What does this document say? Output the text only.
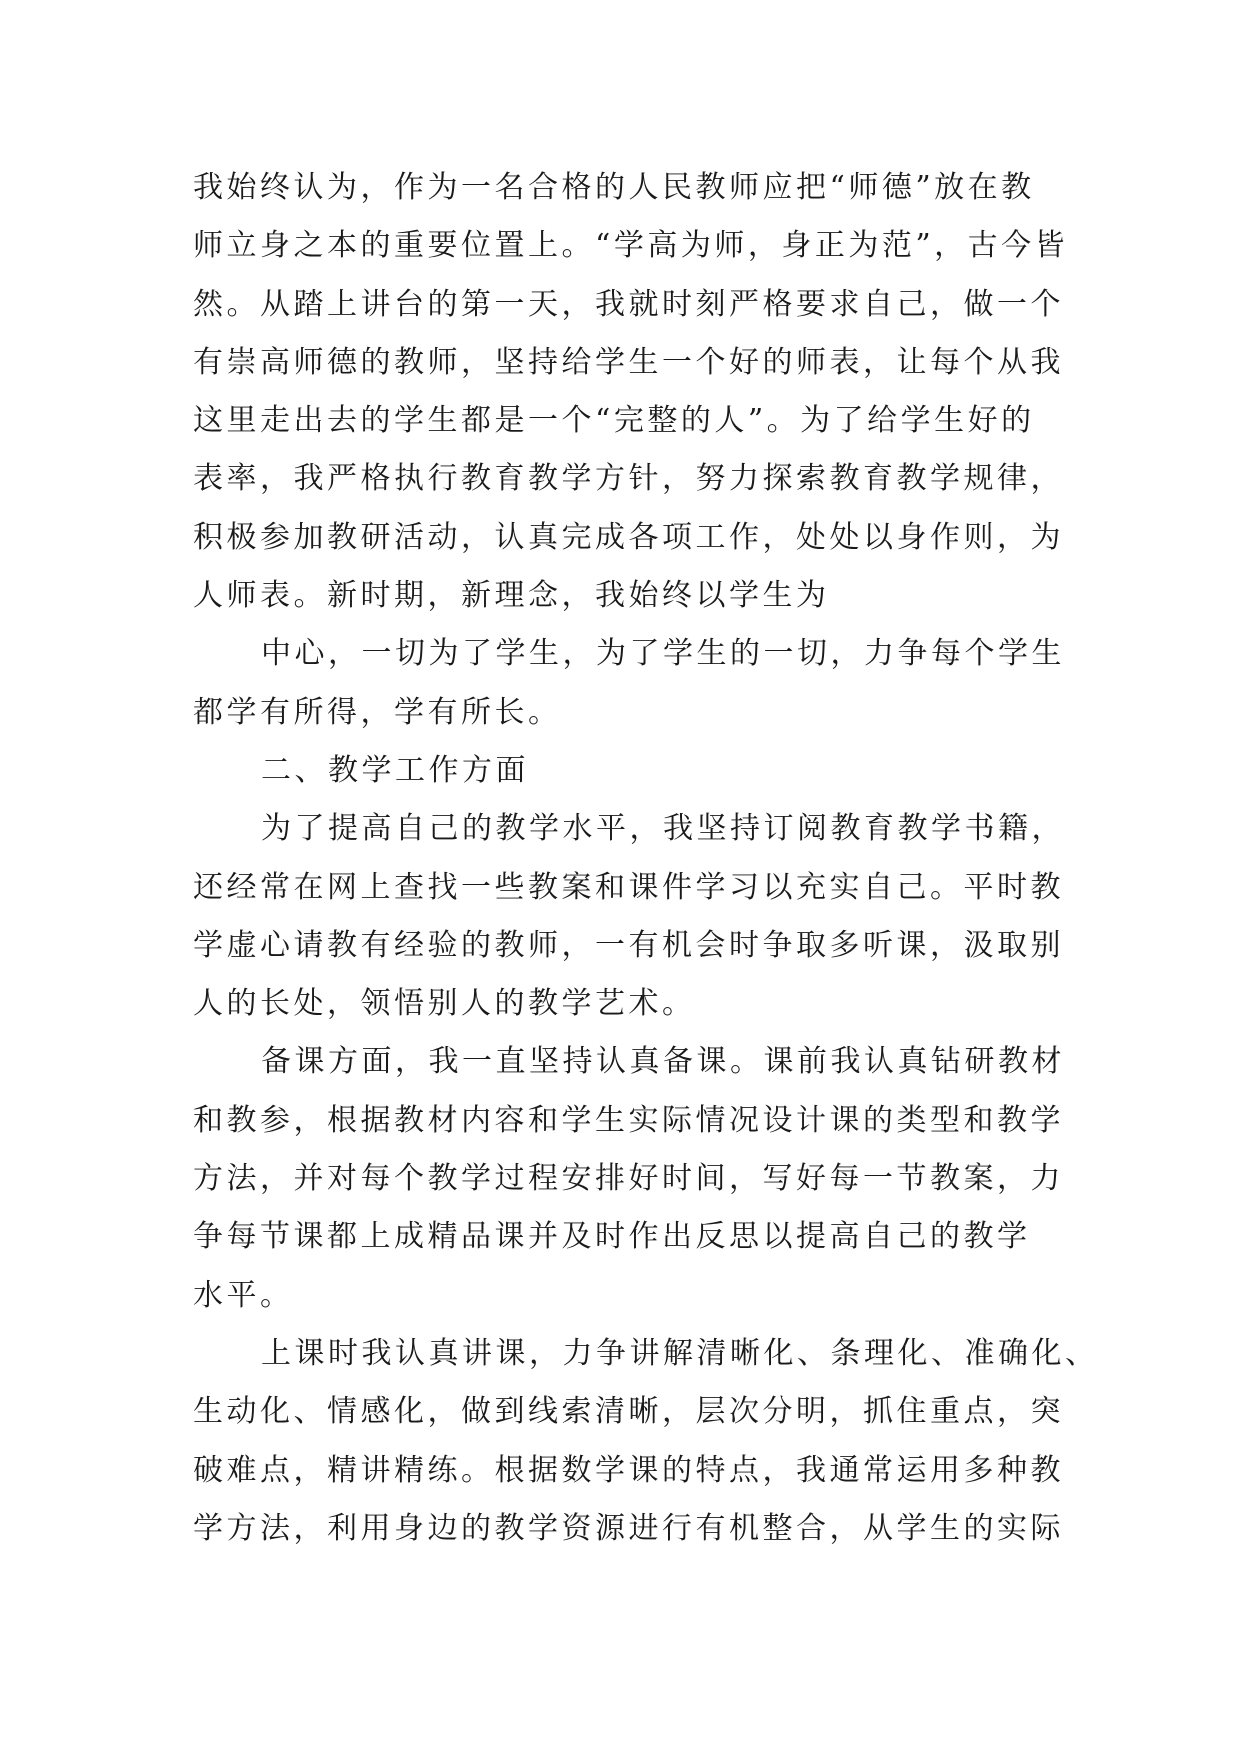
我始终认为，作为一名合格的人民教师应把“师德”放在教
师立身之本的重要位置上。“学高为师，身正为范”，古今皆
然。从踏上讲台的第一天，我就时刻严格要求自己，做一个
有崇高师德的教师，坚持给学生一个好的师表，让每个从我
这里走出去的学生都是一个“完整的人”。为了给学生好的
表率，我严格执行教育教学方针，努力探索教育教学规律，
积极参加教研活动，认真完成各项工作，处处以身作则，为
人师表。新时期，新理念，我始终以学生为
中心，一切为了学生，为了学生的一切，力争每个学生
都学有所得，学有所长。
二、教学工作方面
为了提高自己的教学水平，我坚持订阅教育教学书籍，
还经常在网上查找一些教案和课件学习以充实自己。平时教
学虚心请教有经验的教师，一有机会时争取多听课，汲取别
人的长处，领悟别人的教学艺术。
备课方面，我一直坚持认真备课。课前我认真钻研教材
和教参，根据教材内容和学生实际情况设计课的类型和教学
方法，并对每个教学过程安排好时间，写好每一节教案，力
争每节课都上成精品课并及时作出反思以提高自己的教学
水平。
上课时我认真讲课，力争讲解清晰化、条理化、准确化、
生动化、情感化，做到线索清晰，层次分明，抓住重点，突
破难点，精讲精练。根据数学课的特点，我通常运用多种教
学方法，利用身边的教学资源进行有机整合，从学生的实际
